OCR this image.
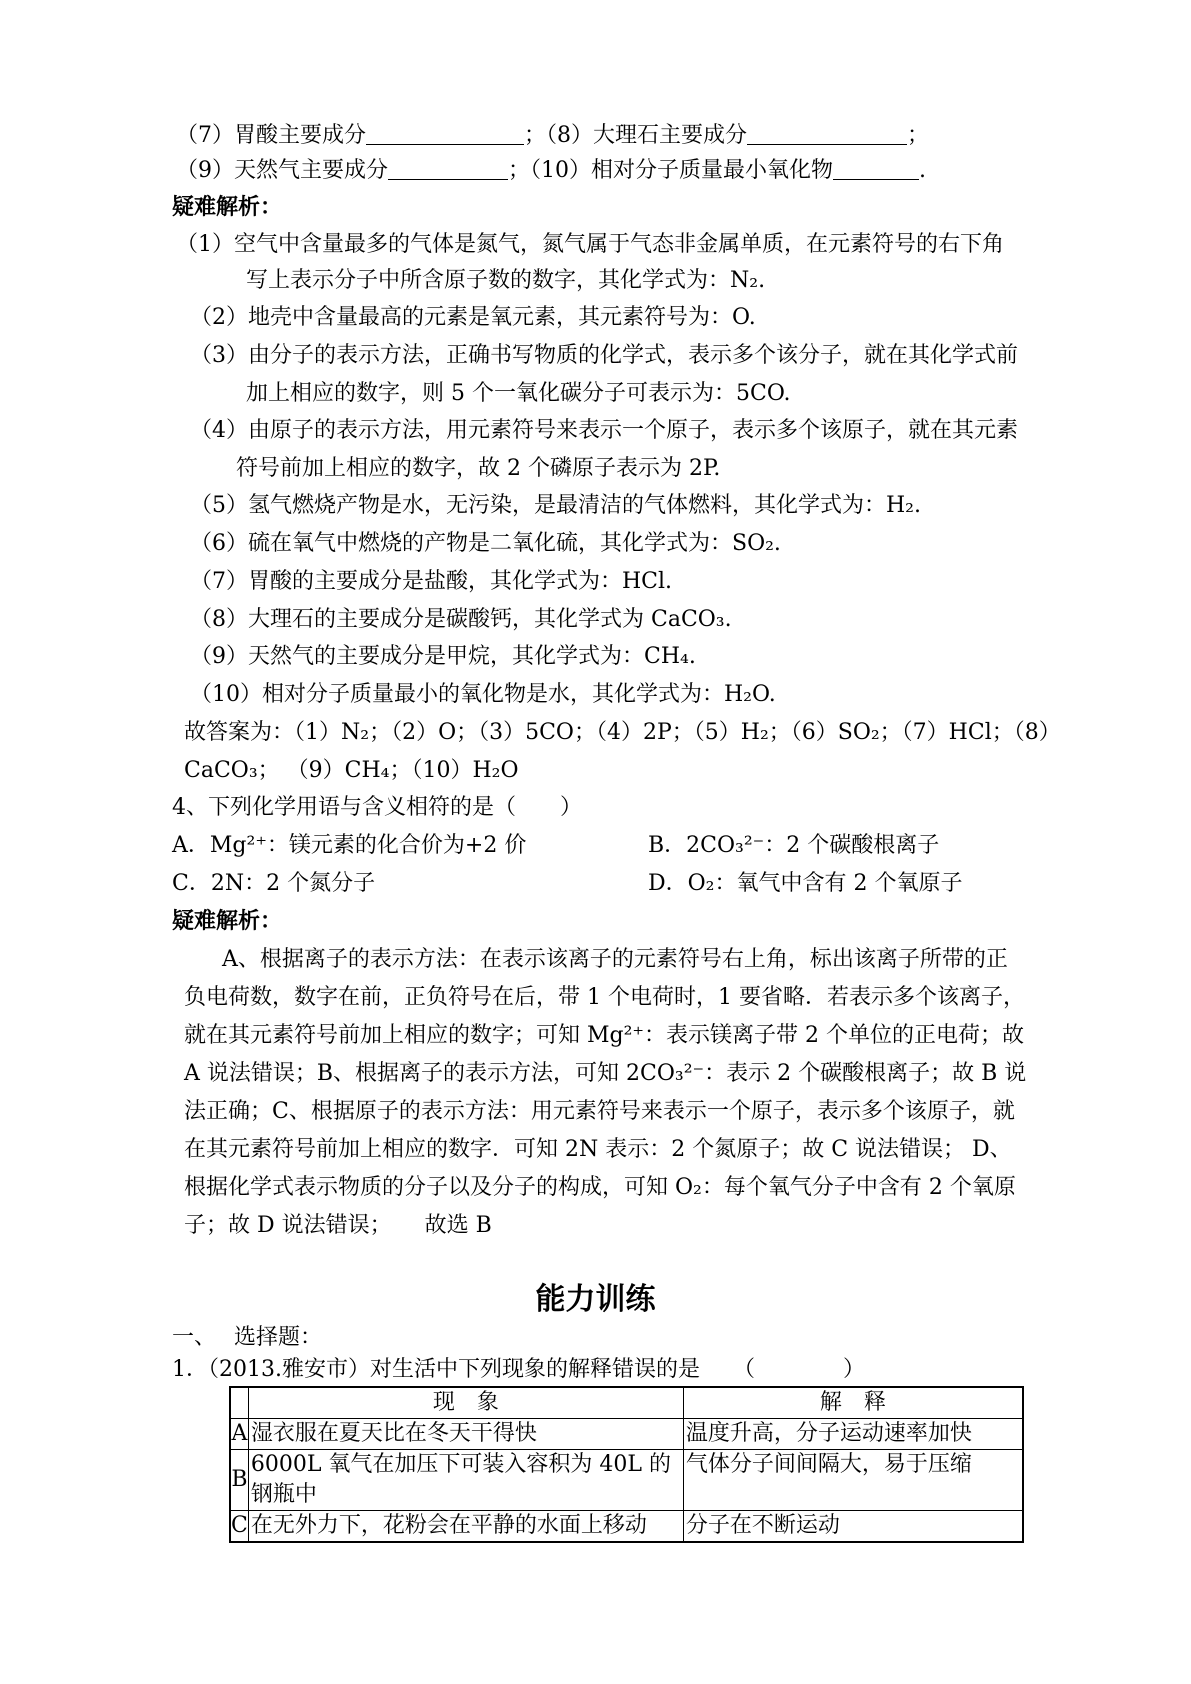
（7）胃酸主要成分	；（8）大理石主要成分	；
（9）天然气主要成分	；（10）相对分子质量最小氧化物	.
疑难解析：
（1）空气中含量最多的气体是氮气，氮气属于气态非金属单质，在元素符号的右下角
写上表示分子中所含原子数的数字，其化学式为：N₂.
（2）地壳中含量最高的元素是氧元素，其元素符号为：O.
（3）由分子的表示方法，正确书写物质的化学式，表示多个该分子，就在其化学式前
加上相应的数字，则 5 个一氧化碳分子可表示为：5CO.
（4）由原子的表示方法，用元素符号来表示一个原子，表示多个该原子，就在其元素
符号前加上相应的数字，故 2 个磷原子表示为 2P.
（5）氢气燃烧产物是水，无污染，是最清洁的气体燃料，其化学式为：H₂.
（6）硫在氧气中燃烧的产物是二氧化硫，其化学式为：SO₂.
（7）胃酸的主要成分是盐酸，其化学式为：HCl.
（8）大理石的主要成分是碳酸钙，其化学式为 CaCO₃.
（9）天然气的主要成分是甲烷，其化学式为：CH₄.
（10）相对分子质量最小的氧化物是水，其化学式为：H₂O.
故答案为：（1）N₂；（2）O；（3）5CO；（4）2P；（5）H₂；（6）SO₂；（7）HCl；（8）
CaCO₃； （9）CH₄；（10）H₂O
4、下列化学用语与含义相符的是（　　）
A．Mg²⁺：镁元素的化合价为+2 价	B．2CO₃²⁻：2 个碳酸根离子
C．2N：2 个氮分子	D．O₂：氧气中含有 2 个氧原子
疑难解析：
A、根据离子的表示方法：在表示该离子的元素符号右上角，标出该离子所带的正
负电荷数，数字在前，正负符号在后，带 1 个电荷时，1 要省略．若表示多个该离子，
就在其元素符号前加上相应的数字；可知 Mg²⁺：表示镁离子带 2 个单位的正电荷；故
A 说法错误；B、根据离子的表示方法，可知 2CO₃²⁻：表示 2 个碳酸根离子；故 B 说
法正确；C、根据原子的表示方法：用元素符号来表示一个原子，表示多个该原子，就
在其元素符号前加上相应的数字．可知 2N 表示：2 个氮原子；故 C 说法错误； D、
根据化学式表示物质的分子以及分子的构成，可知 O₂：每个氧气分子中含有 2 个氧原
子；故 D 说法错误；　　故选 B
能力训练
一、　 选择题：
1．（2013.雅安市）对生活中下列现象的解释错误的是　　（　　　　）
	现　象	解　释
A	湿衣服在夏天比在冬天干得快	温度升高，分子运动速率加快
B	6000L 氧气在加压下可装入容积为 40L 的钢瓶中	气体分子间间隔大，易于压缩
C	在无外力下，花粉会在平静的水面上移动	分子在不断运动
